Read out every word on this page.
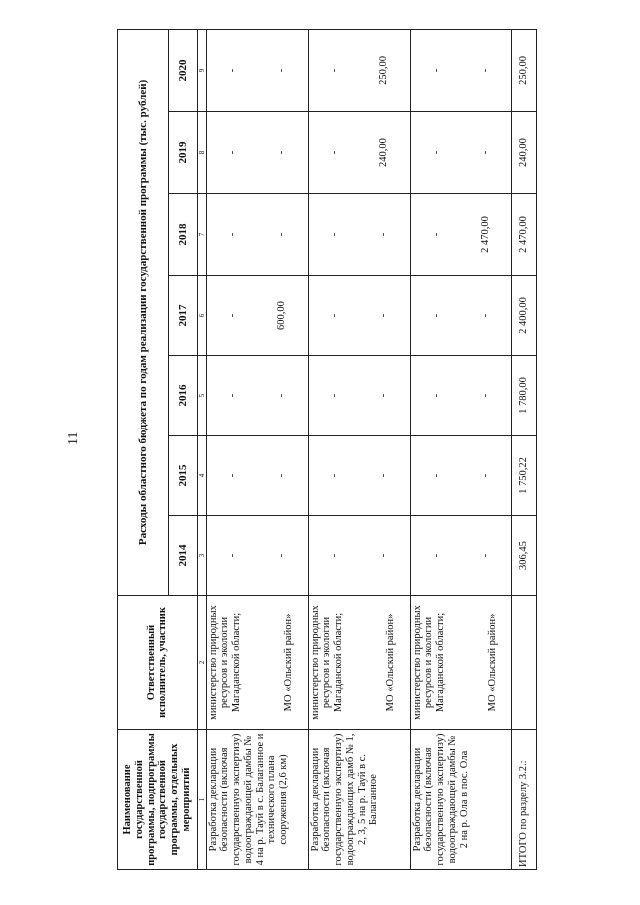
11
Наименование государственной программы, подпрограммы государственной программы, отдельных мероприятий	Ответственный исполнитель, участник	Расходы областного бюджета по годам реализации государственной программы (тыс. рублей)						
		2014	2015	2016	2017	2018	2019	2020
1	2	3	4	5	6	7	8	9
Разработка декларации безопасности (включая государственную экспертизу) водоограждающей дамбы № 4 на р. Тауй в с. Балаганное и технического плана сооружения (2,6 км)	министерство природных ресурсов и экологии Магаданской области; МО «Ольский район»	- -	- -	- -	- 600,00	- -	- -	- -

Разработка декларации безопасности (включая государственную экспертизу) водоограждающих дамб № 1, 2, 3, 5 на р. Тауй в с. Балаганное	министерство природных ресурсов и экологии Магаданской области; МО «Ольский район»	- -	- -	- -	- -	- -	- 240,00	- 250,00

Разработка декларации безопасности (включая государственную экспертизу) водоограждающей дамбы № 2 на р. Ола в пос. Ола	министерство природных ресурсов и экологии Магаданской области; МО «Ольский район»	- -	- -	- -	- -	- 2 470,00	- -	- -

ИТОГО по разделу 3.2.:		306,45	1 750,22	1 780,00	2 400,00	2 470,00	240,00	250,00
